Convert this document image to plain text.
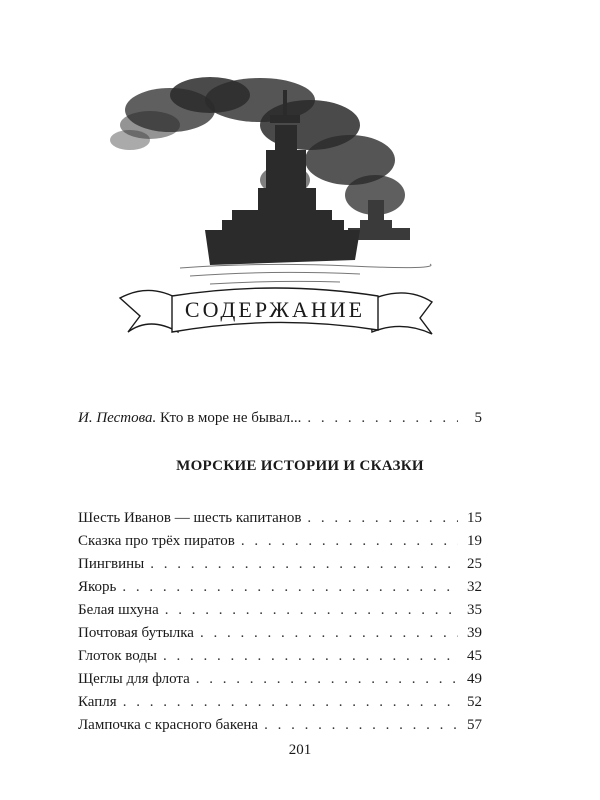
СОДЕРЖАНИЕ
И. Пестова. Кто в море не бывал... . . .	5
МОРСКИЕ ИСТОРИИ И СКАЗКИ
Шесть Иванов — шесть капитанов . . .	15
Сказка про трёх пиратов . . .	19
Пингвины . . .	25
Якорь . . .	32
Белая шхуна . . .	35
Почтовая бутылка . . .	39
Глоток воды . . .	45
Щеглы для флота . . .	49
Капля . . .	52
Лампочка с красного бакена . . .	57
201
